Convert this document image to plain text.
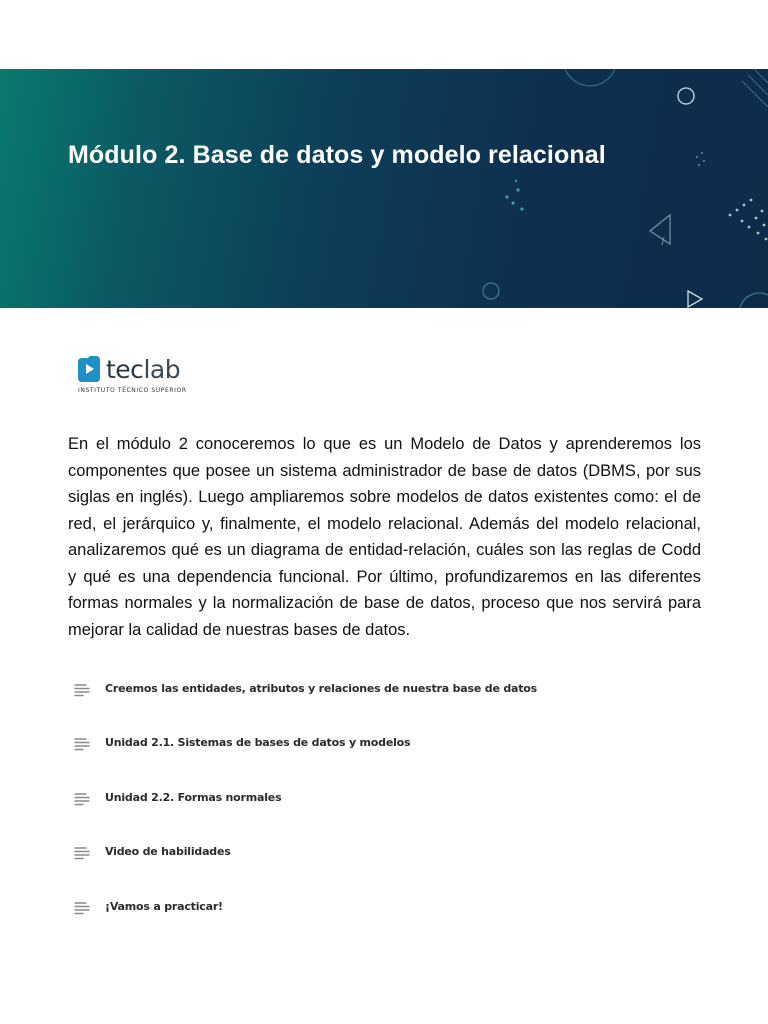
Módulo 2. Base de datos y modelo relacional
teclab
INSTITUTO TÉCNICO SUPERIOR

En el módulo 2 conoceremos lo que es un Modelo de Datos y aprenderemos los componentes que posee un sistema administrador de base de datos (DBMS, por sus siglas en inglés). Luego ampliaremos sobre modelos de datos existentes como: el de red, el jerárquico y, finalmente, el modelo relacional. Además del modelo relacional, analizaremos qué es un diagrama de entidad-relación, cuáles son las reglas de Codd y qué es una dependencia funcional. Por último, profundizaremos en las diferentes formas normales y la normalización de base de datos, proceso que nos servirá para mejorar la calidad de nuestras bases de datos.

Creemos las entidades, atributos y relaciones de nuestra base de datos
Unidad 2.1. Sistemas de bases de datos y modelos
Unidad 2.2. Formas normales
Video de habilidades
¡Vamos a practicar!
